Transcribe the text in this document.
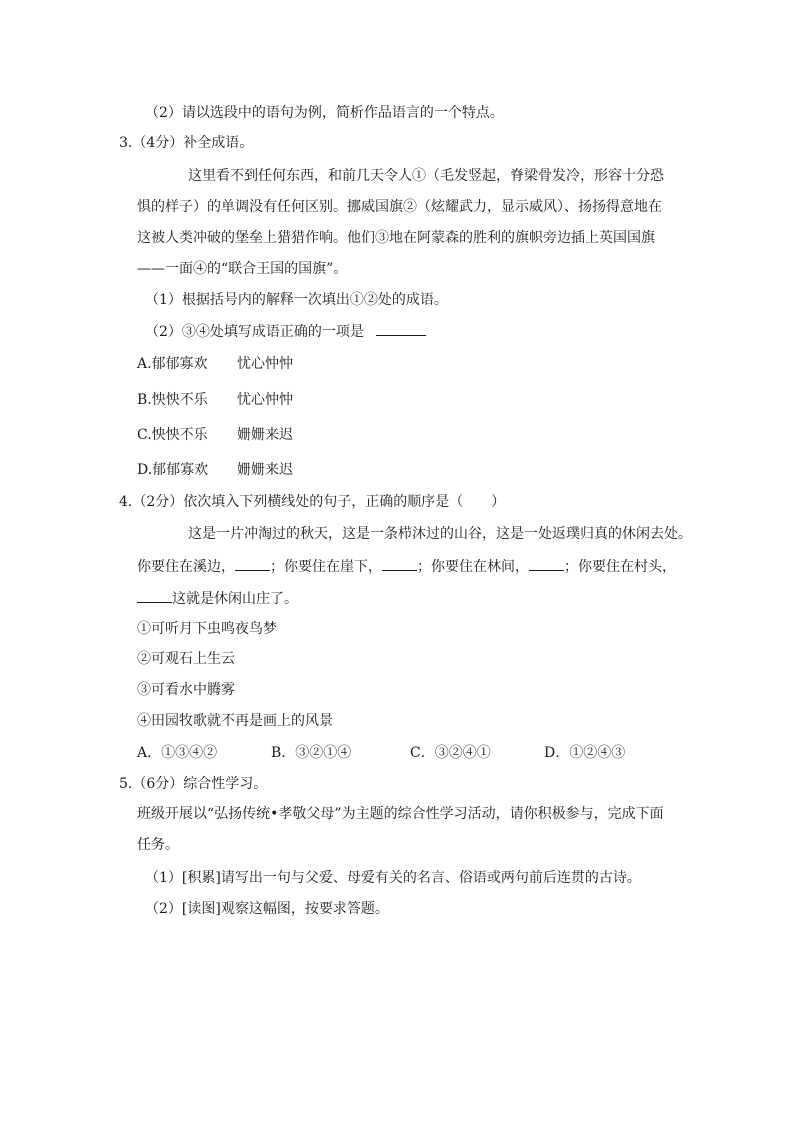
（2）请以选段中的语句为例，简析作品语言的一个特点。
3.（4分）补全成语。
这里看不到任何东西，和前几天令人①（毛发竖起，脊梁骨发冷，形容十分恐
惧的样子）的单调没有任何区别。挪威国旗②（炫耀武力，显示威风）、扬扬得意地在
这被人类冲破的堡垒上猎猎作响。他们③地在阿蒙森的胜利的旗帜旁边插上英国国旗
——一面④的“联合王国的国旗”。
（1）根据括号内的解释一次填出①②处的成语。
（2）③④处填写成语正确的一项是
A.郁郁寡欢 忧心忡忡
B.怏怏不乐 忧心忡忡
C.怏怏不乐 姗姗来迟
D.郁郁寡欢 姗姗来迟
4.（2分）依次填入下列横线处的句子，正确的顺序是（　　）
这是一片冲淘过的秋天，这是一条栉沐过的山谷，这是一处返璞归真的休闲去处。
你要住在溪边，	；你要住在崖下，	；你要住在林间，	；你要住在村头，
这就是休闲山庄了。
①可听月下虫鸣夜鸟梦
②可观石上生云
③可看水中腾雾
④田园牧歌就不再是画上的风景
A．①③④②	B．③②①④	C．③②④①	D．①②④③
5.（6分）综合性学习。
班级开展以“弘扬传统•孝敬父母”为主题的综合性学习活动，请你积极参与，完成下面
任务。
（1）[积累]请写出一句与父爱、母爱有关的名言、俗语或两句前后连贯的古诗。
（2）[读图]观察这幅图，按要求答题。
